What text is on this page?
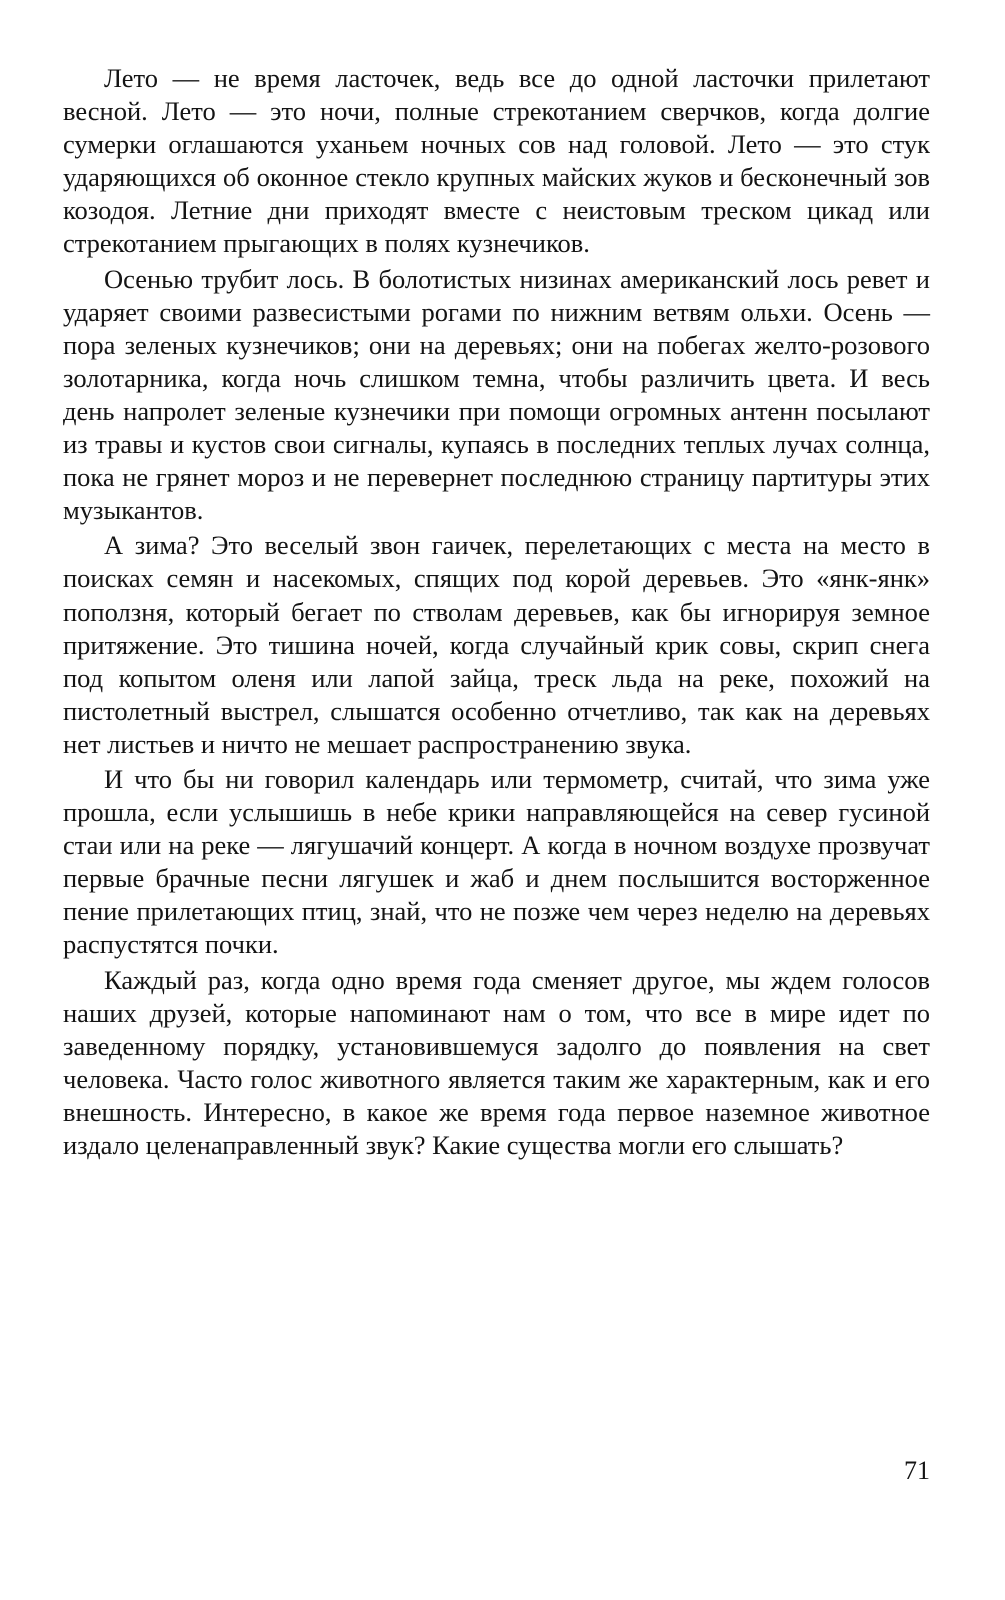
Лето — не время ласточек, ведь все до одной ласточки прилетают весной. Лето — это ночи, полные стрекотанием сверчков, когда долгие сумерки оглашаются уханьем ночных сов над головой. Лето — это стук ударяющихся об оконное стекло крупных майских жуков и бесконечный зов козодоя. Летние дни приходят вместе с неистовым треском цикад или стрекотанием прыгающих в полях кузнечиков.

Осенью трубит лось. В болотистых низинах американский лось ревет и ударяет своими развесистыми рогами по нижним ветвям ольхи. Осень — пора зеленых кузнечиков; они на деревьях; они на побегах желто-розового золотарника, когда ночь слишком темна, чтобы различить цвета. И весь день напролет зеленые кузнечики при помощи огромных антенн посылают из травы и кустов свои сигналы, купаясь в последних теплых лучах солнца, пока не грянет мороз и не перевернет последнюю страницу партитуры этих музыкантов.

А зима? Это веселый звон гаичек, перелетающих с места на место в поисках семян и насекомых, спящих под корой деревьев. Это «янк-янк» поползня, который бегает по стволам деревьев, как бы игнорируя земное притяжение. Это тишина ночей, когда случайный крик совы, скрип снега под копытом оленя или лапой зайца, треск льда на реке, похожий на пистолетный выстрел, слышатся особенно отчетливо, так как на деревьях нет листьев и ничто не мешает распространению звука.

И что бы ни говорил календарь или термометр, считай, что зима уже прошла, если услышишь в небе крики направляющейся на север гусиной стаи или на реке — лягушачий концерт. А когда в ночном воздухе прозвучат первые брачные песни лягушек и жаб и днем послышится восторженное пение прилетающих птиц, знай, что не позже чем через неделю на деревьях распустятся почки.

Каждый раз, когда одно время года сменяет другое, мы ждем голосов наших друзей, которые напоминают нам о том, что все в мире идет по заведенному порядку, установившемуся задолго до появления на свет человека. Часто голос животного является таким же характерным, как и его внешность. Интересно, в какое же время года первое наземное животное издало целенаправленный звук? Какие существа могли его слышать?

71
